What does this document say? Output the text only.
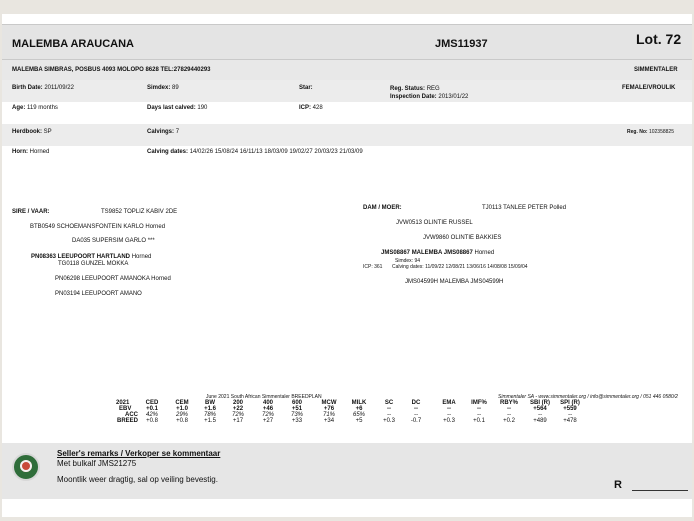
MALEMBA ARAUCANA	JMS11937	Lot. 72
MALEMBA SIMBRAS, POSBUS 4093 MOLOPO 8628 TEL:27829440293	SIMMENTALER
Birth Date: 2011/09/22	Simdex: 89	Star:	Reg. Status: REG
Inspection Date: 2013/01/22
FEMALE/VROULIK
Age: 119 months	Days last calved: 190	ICP: 428
Herdbook: SP	Calvings: 7	Reg. No: 102358825
Horn: Horned	Calving dates: 14/02/26 15/08/24 16/11/13 18/03/09 19/02/27 20/03/23 21/03/09
SIRE / VAAR:	TS9852 TOPLIZ KABIV 2DE
BTB0549 SCHOEMANSFONTEIN KARLO Horned
DA035 SUPERSIM GARLO ***
PN08363 LEEUPOORT HARTLAND Horned
TG0118 GUNZEL MOKKA
PN06298 LEEUPOORT AMANOKA Horned
PN03194 LEEUPOORT AMANO
DAM / MOER:	TJ0113 TANLEE PETER Polled
JVW0513 OLINTIE RUSSEL
JVW9860 OLINTIE BAKKIES
JMS08867 MALEMBA JMS08867 Horned
Simdex: 94
ICP: 361 Calving dates: 11/09/22 12/08/21 13/06/16 14/08/08 15/09/04
JMS04599H MALEMBA JMS04599H
June 2021 South African Simmentaler BREEDPLAN	Simmentaler SA - www.simmentaler.org / info@simmentaler.org / 051 446 0580/2
2021	CED	CEM	BW	200	400	600	MCW	MILK	SC	DC	EMA	IMF%	RBY%	SBI (R)	SPI (R)
EBV	+0.1	+1.0	+1.6	+22	+46	+51	+76	+6	--	--	--	--	--	+564	+559
ACC	42%	29%	78%	72%	72%	73%	71%	65%	--	--	--	--	--	--	--
BREED	+0.8	+0.8	+1.5	+17	+27	+33	+34	+5	+0.3	-0.7	+0.3	+0.1	+0.2	+489	+478
Seller's remarks / Verkoper se kommentaar
Met bulkalf JMS21275
Moontlik weer dragtig, sal op veiling bevestig.	R
